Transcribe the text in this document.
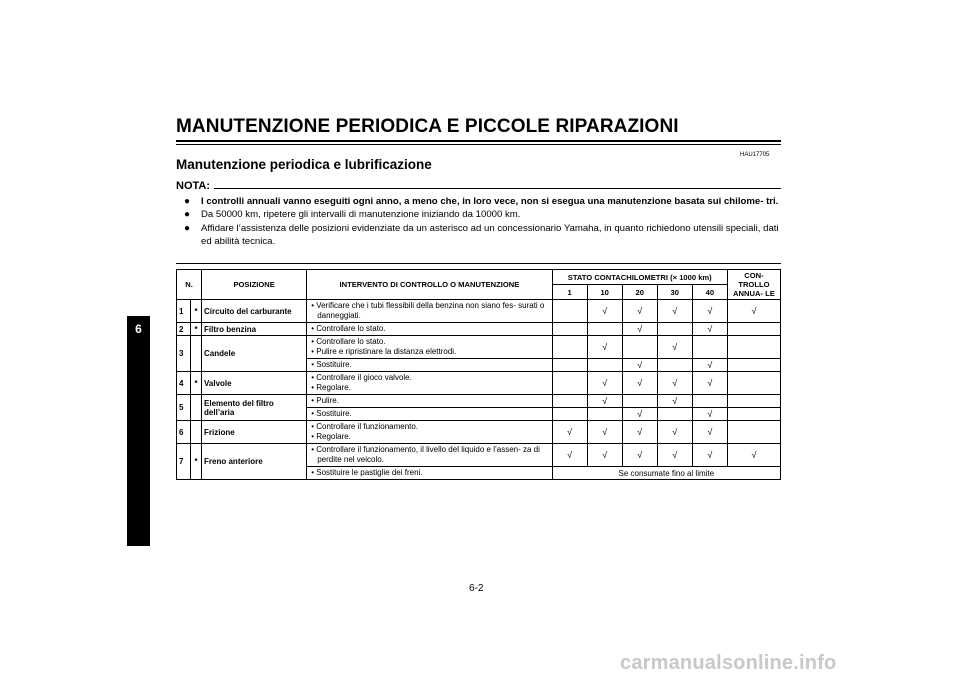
MANUTENZIONE PERIODICA E PICCOLE RIPARAZIONI
HAU17705
Manutenzione periodica e lubrificazione
NOTA:
● I controlli annuali vanno eseguiti ogni anno, a meno che, in loro vece, non si esegua una manutenzione basata sui chilome- tri.
● Da 50000 km, ripetere gli intervalli di manutenzione iniziando da 10000 km.
● Affidare l’assistenza delle posizioni evidenziate da un asterisco ad un concessionario Yamaha, in quanto richiedono utensili speciali, dati ed abilità tecnica.
6
N.		POSIZIONE	INTERVENTO DI CONTROLLO O MANUTENZIONE	STATO CONTACHILOMETRI (× 1000 km)					CON- TROLLO ANNUA- LE
				1	10	20	30	40	
1	*	Circuito del carburante	• Verificare che i tubi flessibili della benzina non siano fes- surati o danneggiati.		√	√	√	√	√
2	*	Filtro benzina	• Controllare lo stato.			√		√	
3		Candele	• Controllare lo stato.
• Pulire e ripristinare la distanza elettrodi.		√		√		

			• Sostituire.			√		√	
4	*	Valvole	• Controllare il gioco valvole.
• Regolare.		√	√	√	√	
5		Elemento del filtro dell’aria	• Pulire.		√		√		

			• Sostituire.			√		√	
6		Frizione	• Controllare il funzionamento.
• Regolare.	√	√	√	√	√	
7	*	Freno anteriore	• Controllare il funzionamento, il livello del liquido e l’assen- za di perdite nel veicolo.	√	√	√	√	√	√

			• Sostituire le pastiglie dei freni.	Se consumate fino al limite					
6-2
carmanualsonline.info
